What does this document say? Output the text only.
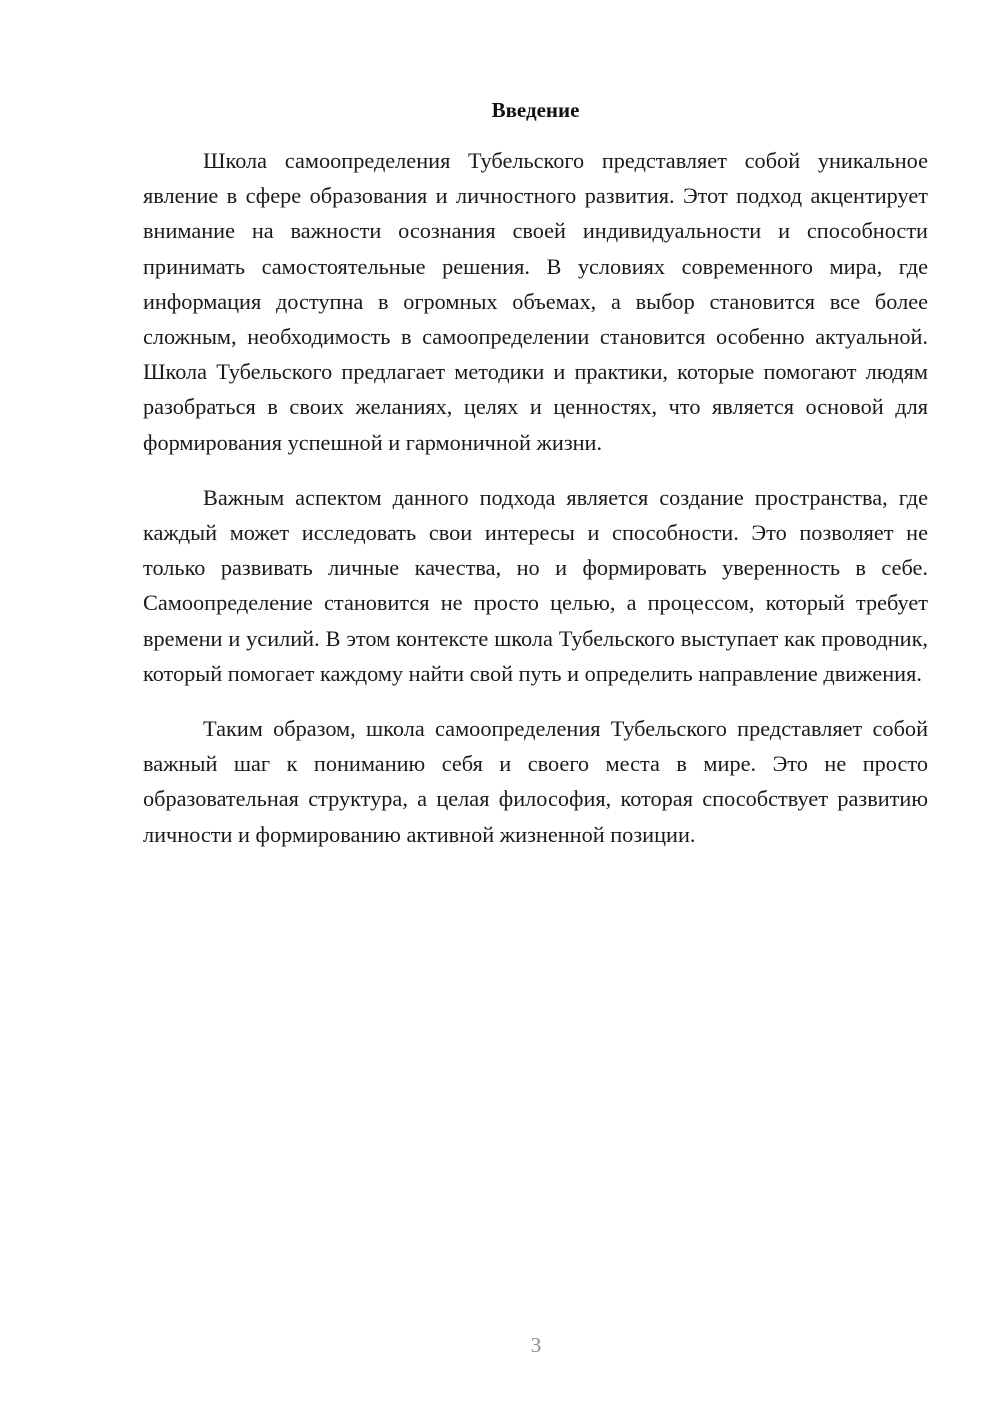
Введение

Школа самоопределения Тубельского представляет собой уникальное явление в сфере образования и личностного развития. Этот подход акцентирует внимание на важности осознания своей индивидуальности и способности принимать самостоятельные решения. В условиях современного мира, где информация доступна в огромных объемах, а выбор становится все более сложным, необходимость в самоопределении становится особенно актуальной. Школа Тубельского предлагает методики и практики, которые помогают людям разобраться в своих желаниях, целях и ценностях, что является основой для формирования успешной и гармоничной жизни.

Важным аспектом данного подхода является создание пространства, где каждый может исследовать свои интересы и способности. Это позволяет не только развивать личные качества, но и формировать уверенность в себе. Самоопределение становится не просто целью, а процессом, который требует времени и усилий. В этом контексте школа Тубельского выступает как проводник, который помогает каждому найти свой путь и определить направление движения.

Таким образом, школа самоопределения Тубельского представляет собой важный шаг к пониманию себя и своего места в мире. Это не просто образовательная структура, а целая философия, которая способствует развитию личности и формированию активной жизненной позиции.

3
